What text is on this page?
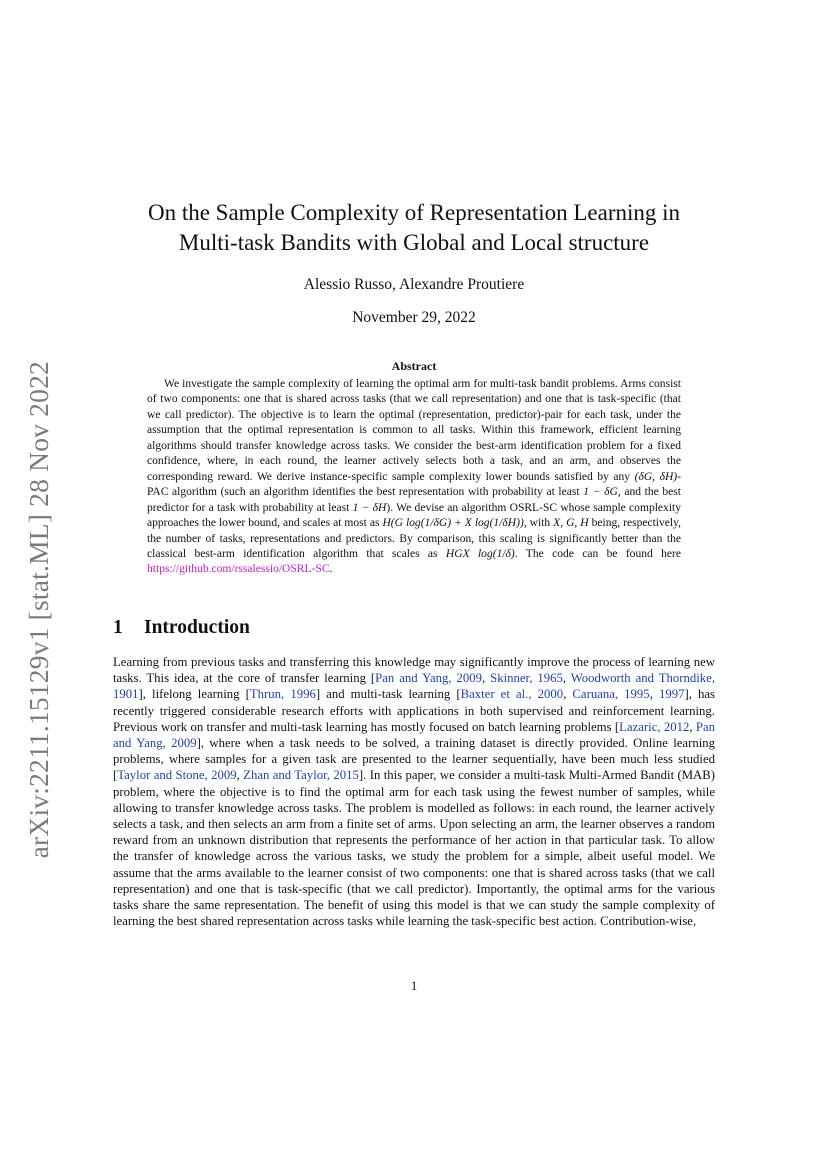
arXiv:2211.15129v1 [stat.ML] 28 Nov 2022
On the Sample Complexity of Representation Learning in
Multi-task Bandits with Global and Local structure
Alessio Russo, Alexandre Proutiere
November 29, 2022
Abstract

We investigate the sample complexity of learning the optimal arm for multi-task bandit problems. Arms consist of two components: one that is shared across tasks (that we call representation) and one that is task-specific (that we call predictor). The objective is to learn the optimal (representation, predictor)-pair for each task, under the assumption that the optimal representation is common to all tasks. Within this framework, efficient learning algorithms should transfer knowledge across tasks. We consider the best-arm identification problem for a fixed confidence, where, in each round, the learner actively selects both a task, and an arm, and observes the corresponding reward. We derive instance-specific sample complexity lower bounds satisfied by any (δG, δH)-PAC algorithm (such an algorithm identifies the best representation with probability at least 1 − δG, and the best predictor for a task with probability at least 1 − δH). We devise an algorithm OSRL-SC whose sample complexity approaches the lower bound, and scales at most as H(G log(1/δG) + X log(1/δH)), with X, G, H being, respectively, the number of tasks, representations and predictors. By comparison, this scaling is significantly better than the classical best-arm identification algorithm that scales as HGX log(1/δ). The code can be found here https://github.com/rssalessio/OSRL-SC.

1 Introduction

Learning from previous tasks and transferring this knowledge may significantly improve the process of learning new tasks. This idea, at the core of transfer learning [Pan and Yang, 2009, Skinner, 1965, Woodworth and Thorndike, 1901], lifelong learning [Thrun, 1996] and multi-task learning [Baxter et al., 2000, Caruana, 1995, 1997], has recently triggered considerable research efforts with applications in both supervised and reinforcement learning. Previous work on transfer and multi-task learning has mostly focused on batch learning problems [Lazaric, 2012, Pan and Yang, 2009], where when a task needs to be solved, a training dataset is directly provided. Online learning problems, where samples for a given task are presented to the learner sequentially, have been much less studied [Taylor and Stone, 2009, Zhan and Taylor, 2015]. In this paper, we consider a multi-task Multi-Armed Bandit (MAB) problem, where the objective is to find the optimal arm for each task using the fewest number of samples, while allowing to transfer knowledge across tasks. The problem is modelled as follows: in each round, the learner actively selects a task, and then selects an arm from a finite set of arms. Upon selecting an arm, the learner observes a random reward from an unknown distribution that represents the performance of her action in that particular task. To allow the transfer of knowledge across the various tasks, we study the problem for a simple, albeit useful model. We assume that the arms available to the learner consist of two components: one that is shared across tasks (that we call representation) and one that is task-specific (that we call predictor). Importantly, the optimal arms for the various tasks share the same representation. The benefit of using this model is that we can study the sample complexity of learning the best shared representation across tasks while learning the task-specific best action. Contribution-wise,

1
